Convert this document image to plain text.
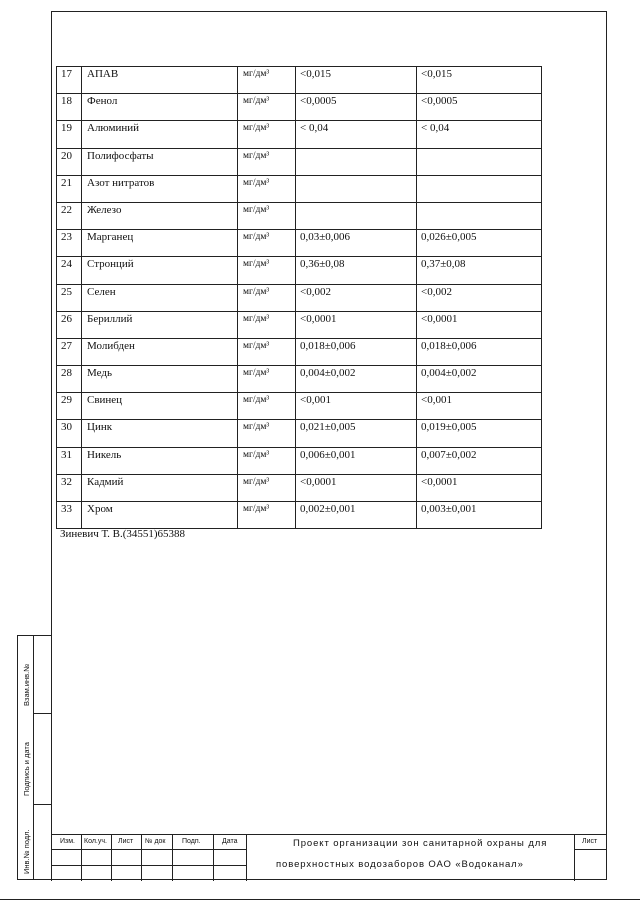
Взам.инв.№
Подпись и дата
Инв.№ подл.
17	АПАВ	мг/дм³	<0,015	<0,015
18	Фенол	мг/дм³	<0,0005	<0,0005
19	Алюминий	мг/дм³	< 0,04	< 0,04
20	Полифосфаты	мг/дм³		
21	Азот нитратов	мг/дм³		
22	Железо	мг/дм³		
23	Марганец	мг/дм³	0,03±0,006	0,026±0,005
24	Стронций	мг/дм³	0,36±0,08	0,37±0,08
25	Селен	мг/дм³	<0,002	<0,002
26	Бериллий	мг/дм³	<0,0001	<0,0001
27	Молибден	мг/дм³	0,018±0,006	0,018±0,006
28	Медь	мг/дм³	0,004±0,002	0,004±0,002
29	Свинец	мг/дм³	<0,001	<0,001
30	Цинк	мг/дм³	0,021±0,005	0,019±0,005
31	Никель	мг/дм³	0,006±0,001	0,007±0,002
32	Кадмий	мг/дм³	<0,0001	<0,0001
33	Хром	мг/дм³	0,002±0,001	0,003±0,001
Зиневич Т. В.(34551)65388
Изм. Кол.уч. Лист № док Подп.	Дата	Проект организации зон санитарной охраны для
поверхностных водозаборов ОАО «Водоканал»
Лист
